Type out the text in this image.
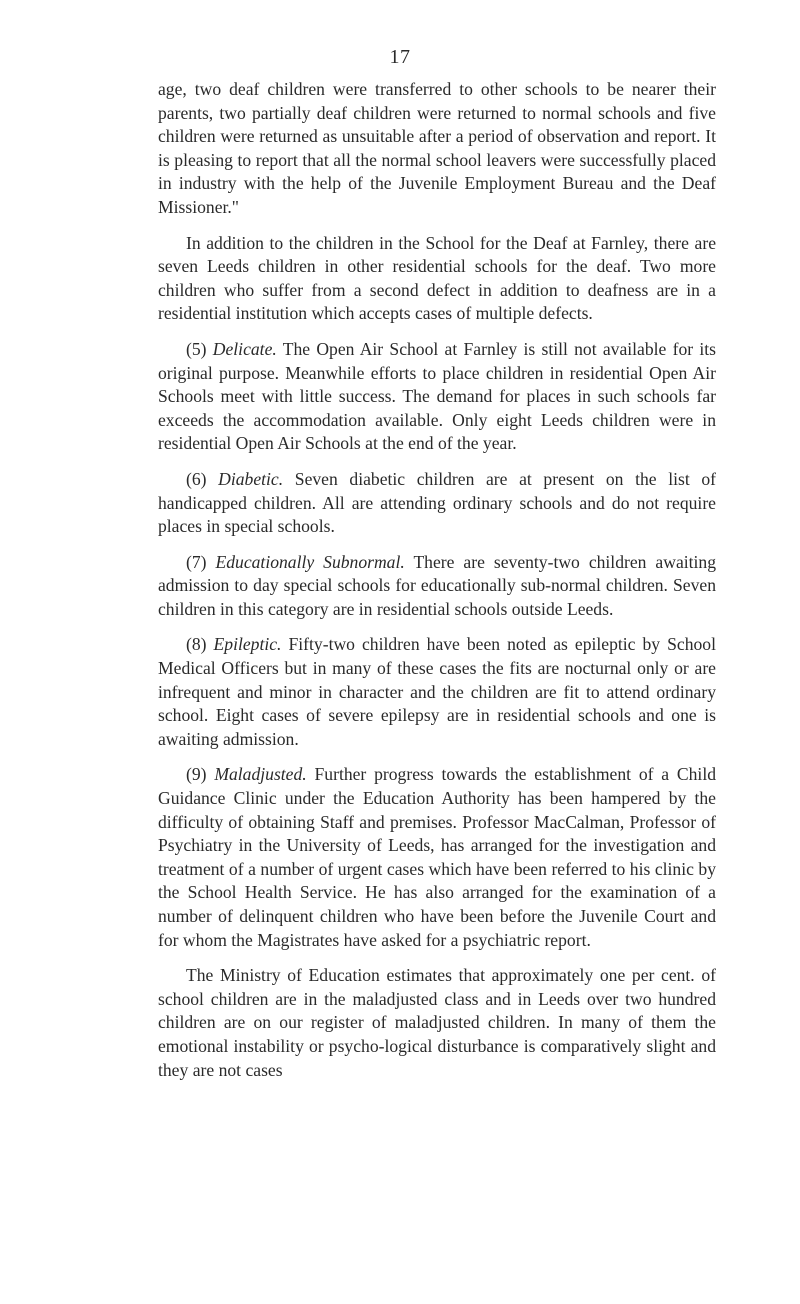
17

age, two deaf children were transferred to other schools to be nearer their parents, two partially deaf children were returned to normal schools and five children were returned as unsuitable after a period of observation and report. It is pleasing to report that all the normal school leavers were successfully placed in industry with the help of the Juvenile Employment Bureau and the Deaf Missioner."

In addition to the children in the School for the Deaf at Farnley, there are seven Leeds children in other residential schools for the deaf. Two more children who suffer from a second defect in addition to deafness are in a residential institution which accepts cases of multiple defects.

(5) Delicate. The Open Air School at Farnley is still not available for its original purpose. Meanwhile efforts to place children in residential Open Air Schools meet with little success. The demand for places in such schools far exceeds the accommodation available. Only eight Leeds children were in residential Open Air Schools at the end of the year.

(6) Diabetic. Seven diabetic children are at present on the list of handicapped children. All are attending ordinary schools and do not require places in special schools.

(7) Educationally Subnormal. There are seventy-two children awaiting admission to day special schools for educationally sub-normal children. Seven children in this category are in residential schools outside Leeds.

(8) Epileptic. Fifty-two children have been noted as epileptic by School Medical Officers but in many of these cases the fits are nocturnal only or are infrequent and minor in character and the children are fit to attend ordinary school. Eight cases of severe epilepsy are in residential schools and one is awaiting admission.

(9) Maladjusted. Further progress towards the establishment of a Child Guidance Clinic under the Education Authority has been hampered by the difficulty of obtaining Staff and premises. Professor MacCalman, Professor of Psychiatry in the University of Leeds, has arranged for the investigation and treatment of a number of urgent cases which have been referred to his clinic by the School Health Service. He has also arranged for the examination of a number of delinquent children who have been before the Juvenile Court and for whom the Magistrates have asked for a psychiatric report.

The Ministry of Education estimates that approximately one per cent. of school children are in the maladjusted class and in Leeds over two hundred children are on our register of maladjusted children. In many of them the emotional instability or psycho-logical disturbance is comparatively slight and they are not cases
